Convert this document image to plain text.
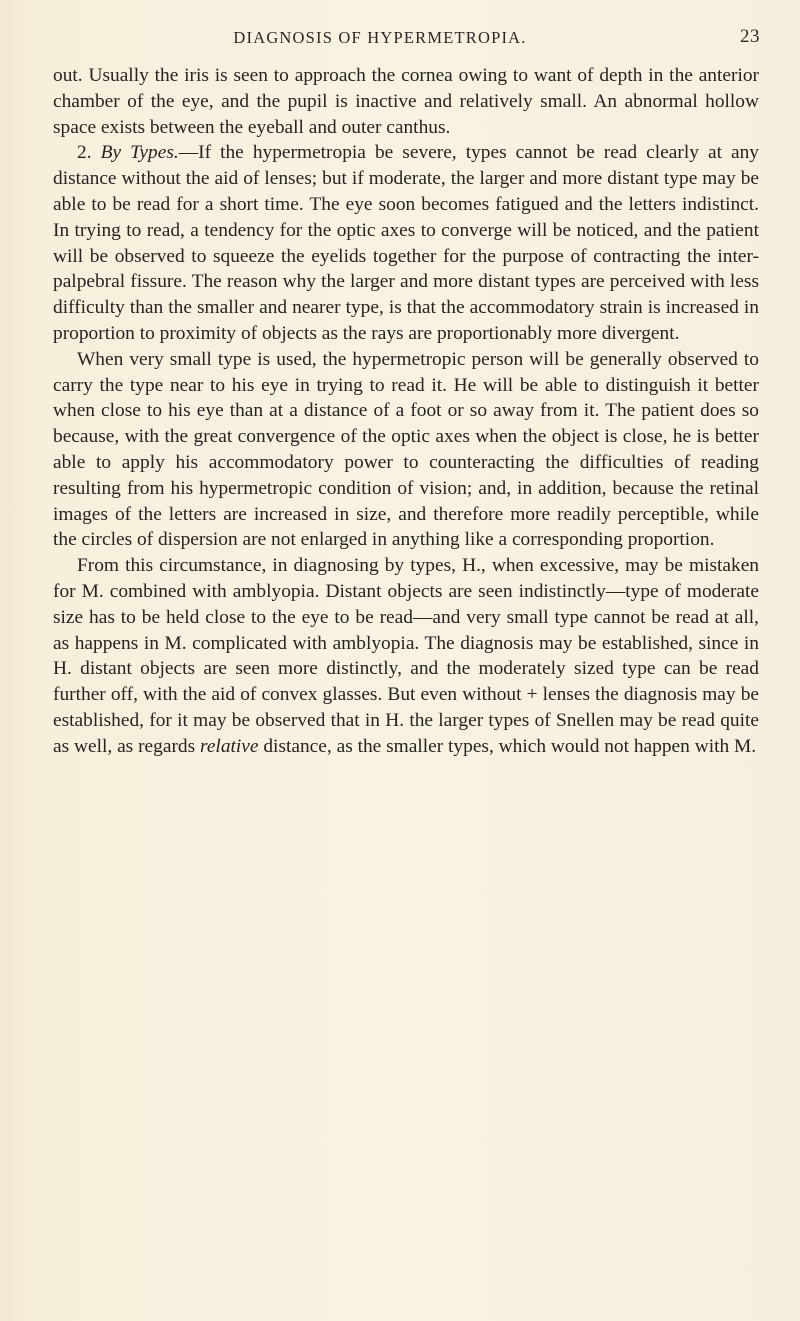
DIAGNOSIS OF HYPERMETROPIA.	23

out. Usually the iris is seen to approach the cornea owing to want of depth in the anterior chamber of the eye, and the pupil is inactive and relatively small. An abnormal hollow space exists between the eyeball and outer canthus.

2. By Types.—If the hypermetropia be severe, types cannot be read clearly at any distance without the aid of lenses; but if moderate, the larger and more distant type may be able to be read for a short time. The eye soon becomes fatigued and the letters indistinct. In trying to read, a tendency for the optic axes to converge will be noticed, and the patient will be observed to squeeze the eyelids together for the purpose of contracting the inter-palpebral fissure. The reason why the larger and more distant types are perceived with less difficulty than the smaller and nearer type, is that the accommodatory strain is increased in proportion to proximity of objects as the rays are proportionably more divergent.

When very small type is used, the hypermetropic person will be generally observed to carry the type near to his eye in trying to read it. He will be able to distinguish it better when close to his eye than at a distance of a foot or so away from it. The patient does so because, with the great convergence of the optic axes when the object is close, he is better able to apply his accommodatory power to counteracting the difficulties of reading resulting from his hypermetropic condition of vision; and, in addition, because the retinal images of the letters are increased in size, and therefore more readily perceptible, while the circles of dispersion are not enlarged in anything like a corresponding proportion.

From this circumstance, in diagnosing by types, H., when excessive, may be mistaken for M. combined with amblyopia. Distant objects are seen indistinctly—type of moderate size has to be held close to the eye to be read—and very small type cannot be read at all, as happens in M. complicated with amblyopia. The diagnosis may be established, since in H. distant objects are seen more distinctly, and the moderately sized type can be read further off, with the aid of convex glasses. But even without + lenses the diagnosis may be established, for it may be observed that in H. the larger types of Snellen may be read quite as well, as regards relative distance, as the smaller types, which would not happen with M.
